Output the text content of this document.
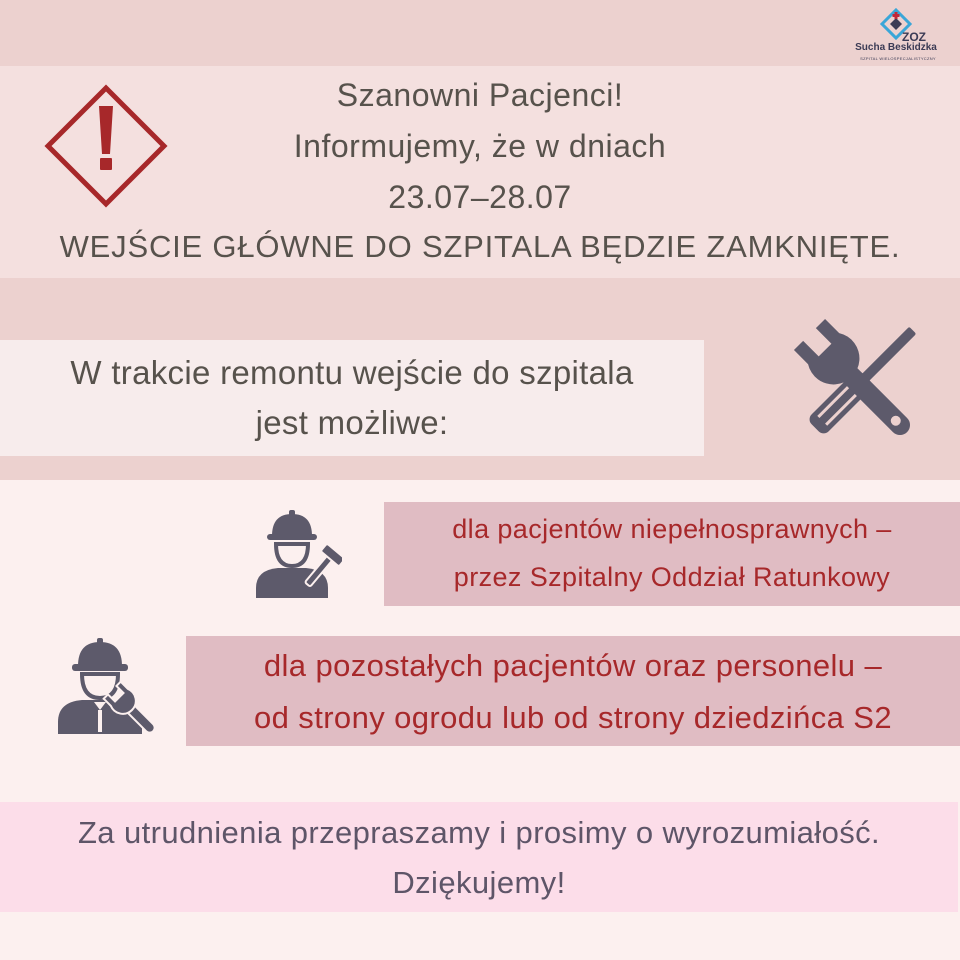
ZOZ
Sucha Beskidzka
SZPITAL WIELOSPECJALISTYCZNY
Szanowni Pacjenci!
Informujemy, że w dniach
23.07–28.07
WEJŚCIE GŁÓWNE DO SZPITALA BĘDZIE ZAMKNIĘTE.
W trakcie remontu wejście do szpitala
jest możliwe:
dla pacjentów niepełnosprawnych –
przez Szpitalny Oddział Ratunkowy
dla pozostałych pacjentów oraz personelu –
od strony ogrodu lub od strony dziedzińca S2
Za utrudnienia przepraszamy i prosimy o wyrozumiałość.
Dziękujemy!
